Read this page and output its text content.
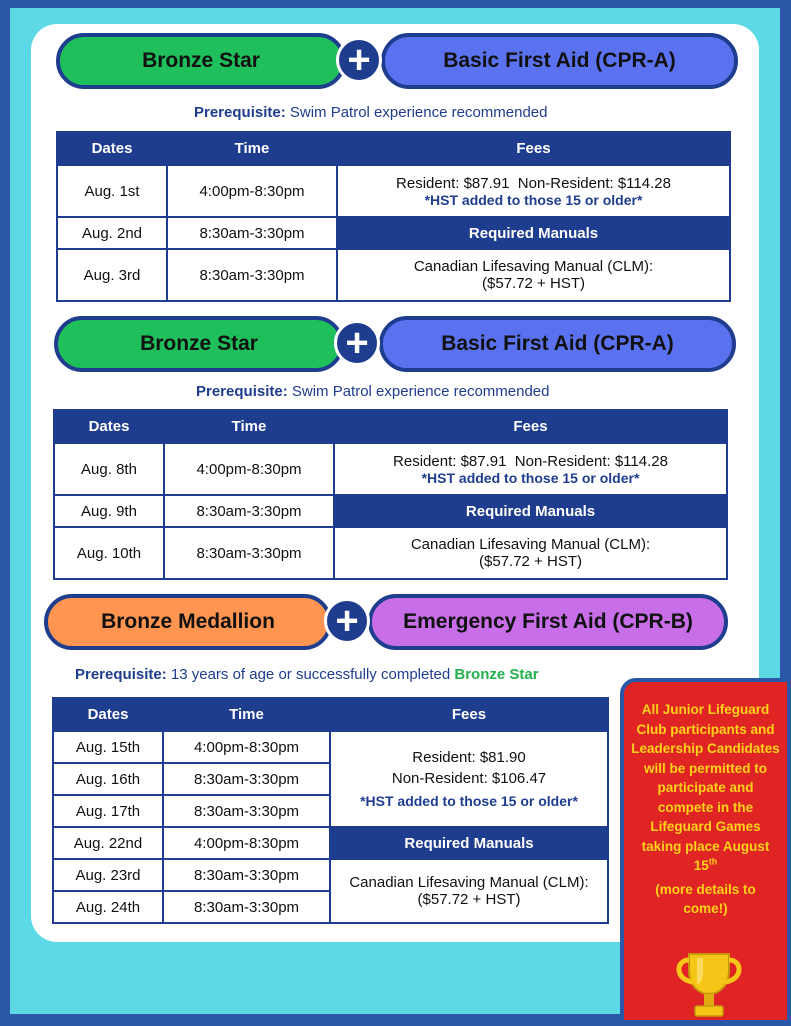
Bronze Star	+	Basic First Aid (CPR-A)
Prerequisite: Swim Patrol experience recommended
Dates	Time	Fees
Aug. 1st	4:00pm-8:30pm	Resident: $87.91  Non-Resident: $114.28
*HST added to those 15 or older*

Aug. 2nd	8:30am-3:30pm	Required Manuals
Aug. 3rd	8:30am-3:30pm	Canadian Lifesaving Manual (CLM):
($57.72 + HST)
Bronze Star	+	Basic First Aid (CPR-A)
Prerequisite: Swim Patrol experience recommended
Dates	Time	Fees
Aug. 8th	4:00pm-8:30pm	Resident: $87.91  Non-Resident: $114.28
*HST added to those 15 or older*

Aug. 9th	8:30am-3:30pm	Required Manuals
Aug. 10th	8:30am-3:30pm	Canadian Lifesaving Manual (CLM):
($57.72 + HST)
Bronze Medallion	+	Emergency First Aid (CPR-B)
Prerequisite: 13 years of age or successfully completed Bronze Star
Dates	Time	Fees
Aug. 15th	4:00pm-8:30pm	Resident: $81.90
Non-Resident: $106.47
*HST added to those 15 or older*

Aug. 16th	8:30am-3:30pm	
Aug. 17th	8:30am-3:30pm	
Aug. 22nd	4:00pm-8:30pm	Required Manuals
Aug. 23rd	8:30am-3:30pm	Canadian Lifesaving Manual (CLM):
($57.72 + HST)

Aug. 24th	8:30am-3:30pm	
All Junior Lifeguard Club participants and Leadership Candidates will be permitted to participate and compete in the Lifeguard Games taking place August 15th
(more details to come!)
